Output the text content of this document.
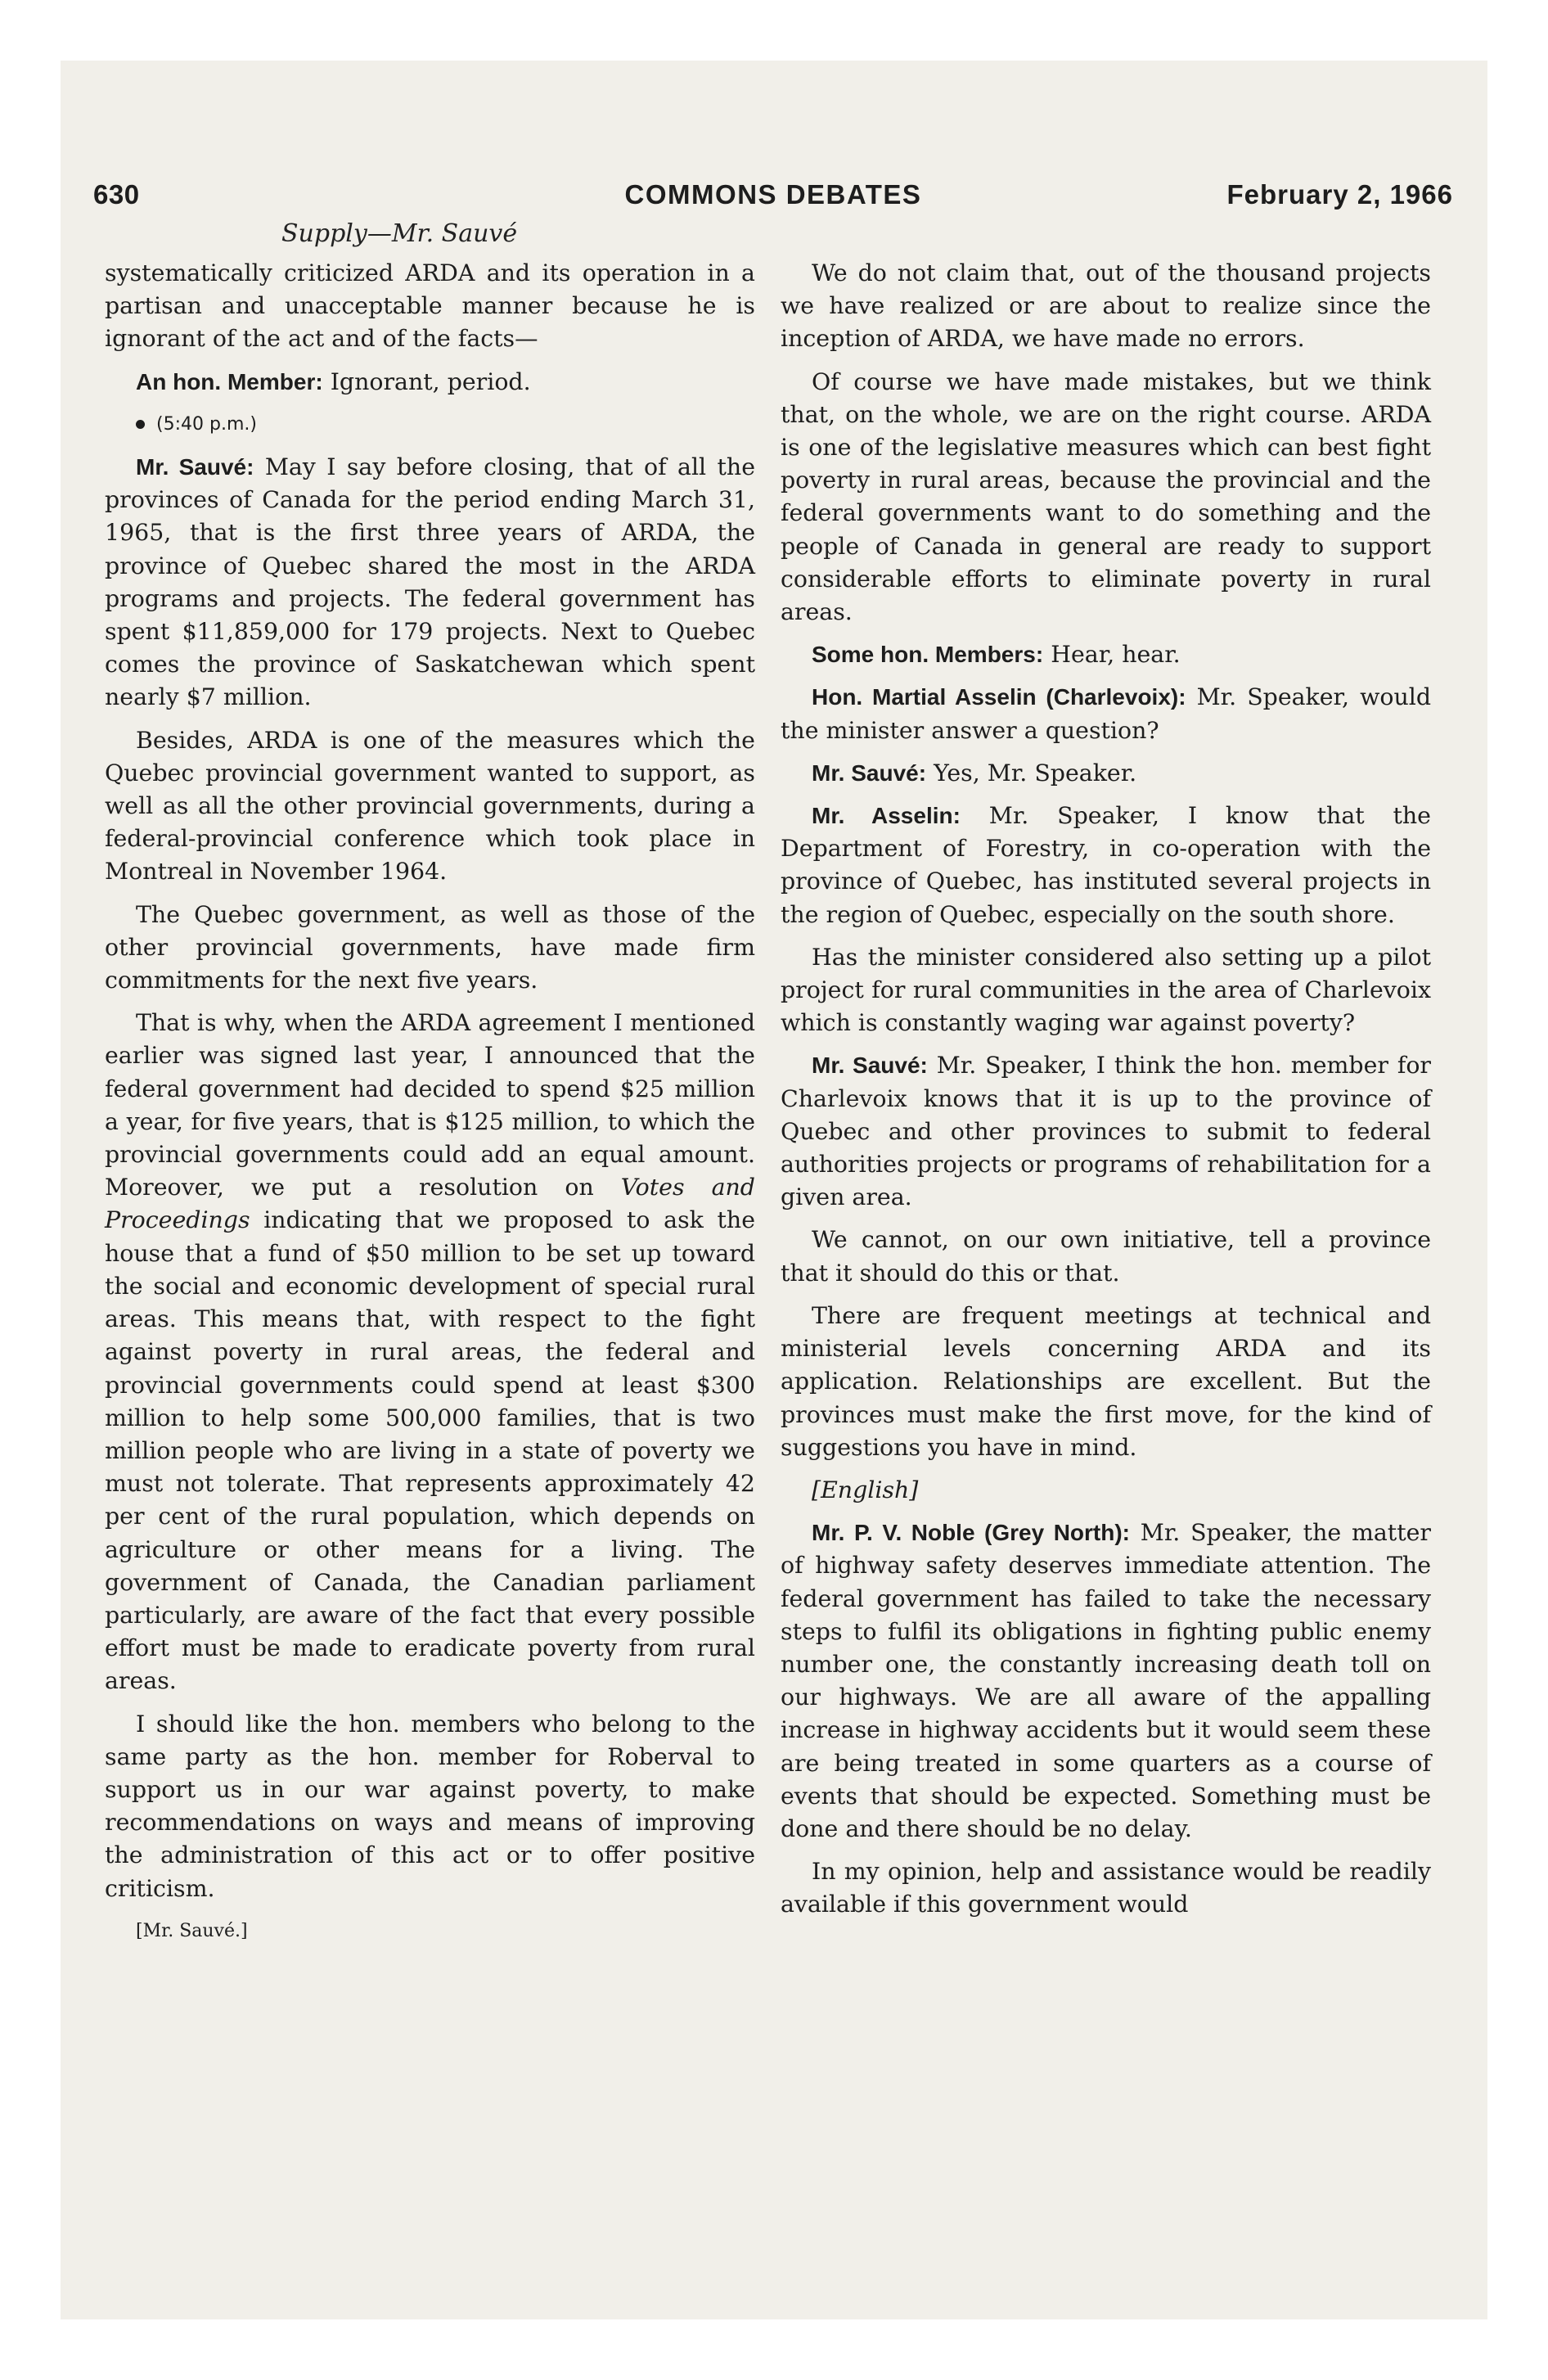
630	COMMONS DEBATES	February 2, 1966
Supply—Mr. Sauvé

systematically criticized ARDA and its operation in a partisan and unacceptable manner because he is ignorant of the act and of the facts—

An hon. Member: Ignorant, period.

(5:40 p.m.)

Mr. Sauvé: May I say before closing, that of all the provinces of Canada for the period ending March 31, 1965, that is the first three years of ARDA, the province of Quebec shared the most in the ARDA programs and projects. The federal government has spent $11,859,000 for 179 projects. Next to Quebec comes the province of Saskatchewan which spent nearly $7 million.

Besides, ARDA is one of the measures which the Quebec provincial government wanted to support, as well as all the other provincial governments, during a federal-provincial conference which took place in Montreal in November 1964.

The Quebec government, as well as those of the other provincial governments, have made firm commitments for the next five years.

That is why, when the ARDA agreement I mentioned earlier was signed last year, I announced that the federal government had decided to spend $25 million a year, for five years, that is $125 million, to which the provincial governments could add an equal amount. Moreover, we put a resolution on Votes and Proceedings indicating that we proposed to ask the house that a fund of $50 million to be set up toward the social and economic development of special rural areas. This means that, with respect to the fight against poverty in rural areas, the federal and provincial governments could spend at least $300 million to help some 500,000 families, that is two million people who are living in a state of poverty we must not tolerate. That represents approximately 42 per cent of the rural population, which depends on agriculture or other means for a living. The government of Canada, the Canadian parliament particularly, are aware of the fact that every possible effort must be made to eradicate poverty from rural areas.

I should like the hon. members who belong to the same party as the hon. member for Roberval to support us in our war against poverty, to make recommendations on ways and means of improving the administration of this act or to offer positive criticism.

[Mr. Sauvé.]

We do not claim that, out of the thousand projects we have realized or are about to realize since the inception of ARDA, we have made no errors.

Of course we have made mistakes, but we think that, on the whole, we are on the right course. ARDA is one of the legislative measures which can best fight poverty in rural areas, because the provincial and the federal governments want to do something and the people of Canada in general are ready to support considerable efforts to eliminate poverty in rural areas.

Some hon. Members: Hear, hear.

Hon. Martial Asselin (Charlevoix): Mr. Speaker, would the minister answer a question?

Mr. Sauvé: Yes, Mr. Speaker.

Mr. Asselin: Mr. Speaker, I know that the Department of Forestry, in co-operation with the province of Quebec, has instituted several projects in the region of Quebec, especially on the south shore.

Has the minister considered also setting up a pilot project for rural communities in the area of Charlevoix which is constantly waging war against poverty?

Mr. Sauvé: Mr. Speaker, I think the hon. member for Charlevoix knows that it is up to the province of Quebec and other provinces to submit to federal authorities projects or programs of rehabilitation for a given area.

We cannot, on our own initiative, tell a province that it should do this or that.

There are frequent meetings at technical and ministerial levels concerning ARDA and its application. Relationships are excellent. But the provinces must make the first move, for the kind of suggestions you have in mind.

[English]

Mr. P. V. Noble (Grey North): Mr. Speaker, the matter of highway safety deserves immediate attention. The federal government has failed to take the necessary steps to fulfil its obligations in fighting public enemy number one, the constantly increasing death toll on our highways. We are all aware of the appalling increase in highway accidents but it would seem these are being treated in some quarters as a course of events that should be expected. Something must be done and there should be no delay.

In my opinion, help and assistance would be readily available if this government would
